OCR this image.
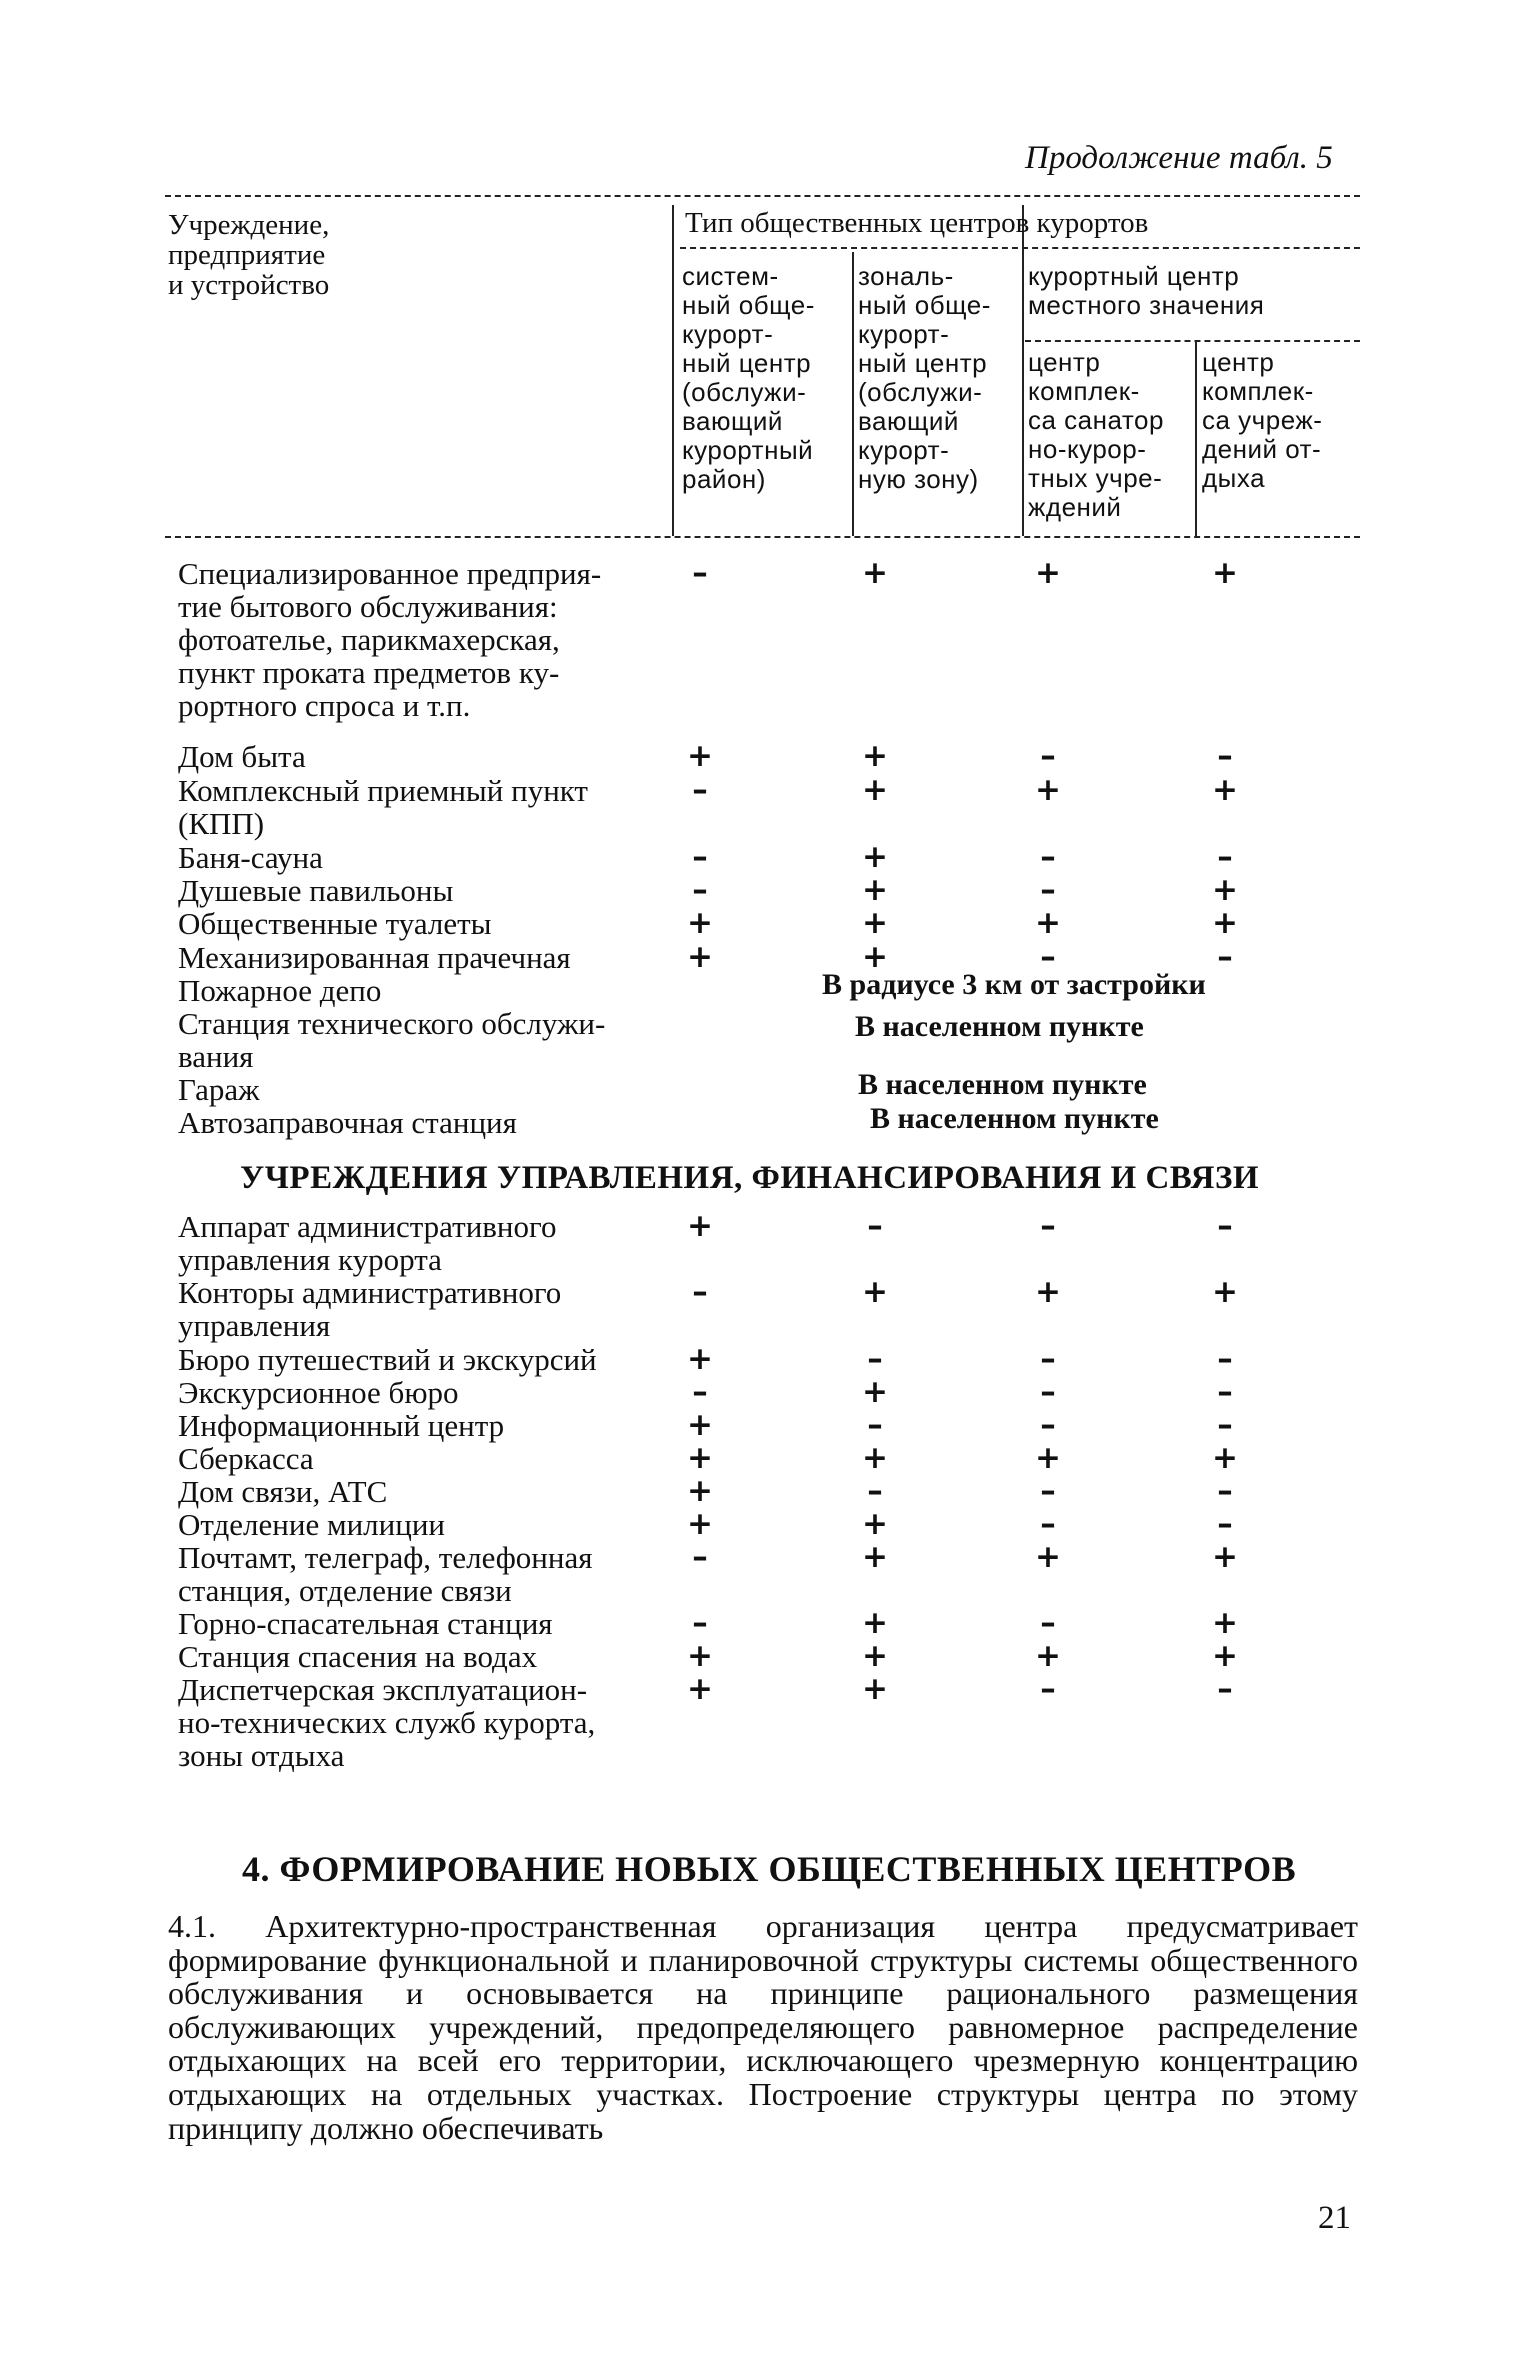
Продолжение табл. 5
Учреждение,
предприятие
и устройство
Тип общественных центров курортов
систем-
ный обще-
курорт-
ный центр
(обслужи-
вающий
курортный
район)
зональ-
ный обще-
курорт-
ный центр
(обслужи-
вающий
курорт-
ную зону)
курортный центр
местного значения
центр
комплек-
са санатор
но-курор-
тных учре-
ждений
центр
комплек-
са учреж-
дений от-
дыха
Специализированное предприя-
тие бытового обслуживания:
фотоателье, парикмахерская,
пункт проката предметов ку-
рортного спроса и т.п.
–	+	+	+
Дом быта	+	+	–	–
Комплексный приемный пункт
(КПП)
–	+	+	+
Баня-сауна	–	+	–	–
Душевые павильоны	–	+	–	+
Общественные туалеты	+	+	+	+
Механизированная прачечная	+	+	–	–
Пожарное депо	В радиусе 3 км от застройки
Станция технического обслужи-
вания
В населенном пункте
Гараж	В населенном пункте
Автозаправочная станция	В населенном пункте
УЧРЕЖДЕНИЯ УПРАВЛЕНИЯ, ФИНАНСИРОВАНИЯ И СВЯЗИ
Аппарат административного
управления курорта
+	–	–	–
Конторы административного
управления
–	+	+	+
Бюро путешествий и экскурсий	+	–	–	–
Экскурсионное бюро	–	+	–	–
Информационный центр	+	–	–	–
Сберкасса	+	+	+	+
Дом связи, АТС	+	–	–	–
Отделение милиции	+	+	–	–
Почтамт, телеграф, телефонная
станция, отделение связи
–	+	+	+
Горно-спасательная станция	–	+	–	+
Станция спасения на водах	+	+	+	+
Диспетчерская эксплуатацион-
но-технических служб курорта,
зоны отдыха
+	+	–	–
4. ФОРМИРОВАНИЕ НОВЫХ ОБЩЕСТВЕННЫХ ЦЕНТРОВ
4.1. Архитектурно-пространственная организация центра предусматривает формирование функциональной и планировочной структуры системы общественного обслуживания и основывается на принципе рационального размещения обслуживающих учреждений, предопределяющего равномерное распределение отдыхающих на всей его территории, исключающего чрезмерную концентрацию отдыхающих на отдельных участках. Построение структуры центра по этому принципу должно обеспечивать
21
